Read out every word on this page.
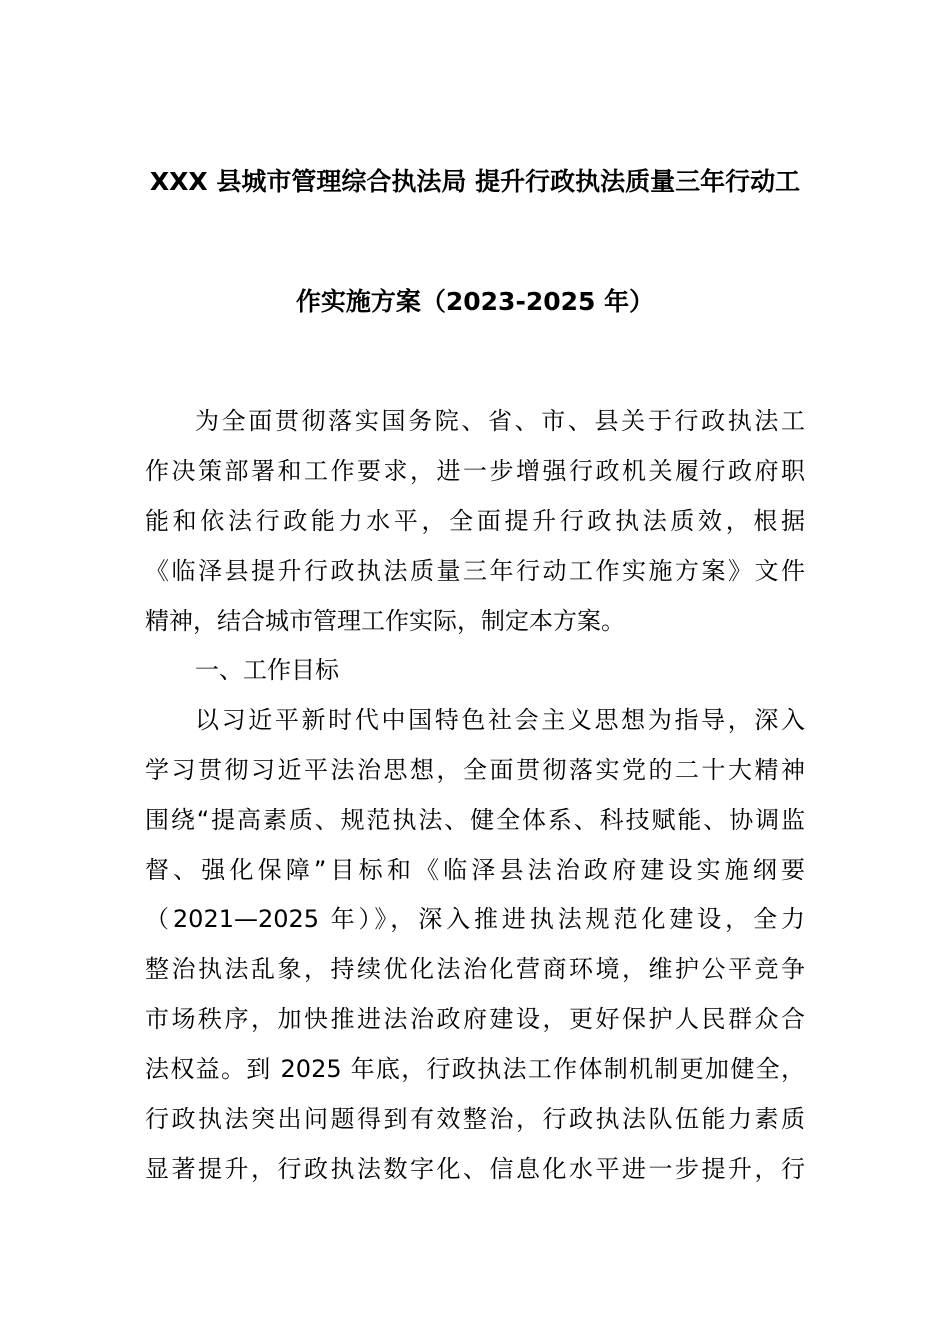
XXX 县城市管理综合执法局 提升行政执法质量三年行动工
作实施方案（2023-2025 年）
为全面贯彻落实国务院、省、市、县关于行政执法工
作决策部署和工作要求，进一步增强行政机关履行政府职
能和依法行政能力水平，全面提升行政执法质效，根据
《临泽县提升行政执法质量三年行动工作实施方案》文件
精神，结合城市管理工作实际，制定本方案。
一、工作目标
以习近平新时代中国特色社会主义思想为指导，深入
学习贯彻习近平法治思想，全面贯彻落实党的二十大精神
围绕“提高素质、规范执法、健全体系、科技赋能、协调监
督、强化保障”目标和《临泽县法治政府建设实施纲要
（2021—2025 年）》，深入推进执法规范化建设，全力
整治执法乱象，持续优化法治化营商环境，维护公平竞争
市场秩序，加快推进法治政府建设，更好保护人民群众合
法权益。到 2025 年底，行政执法工作体制机制更加健全，
行政执法突出问题得到有效整治，行政执法队伍能力素质
显著提升，行政执法数字化、信息化水平进一步提升，行
